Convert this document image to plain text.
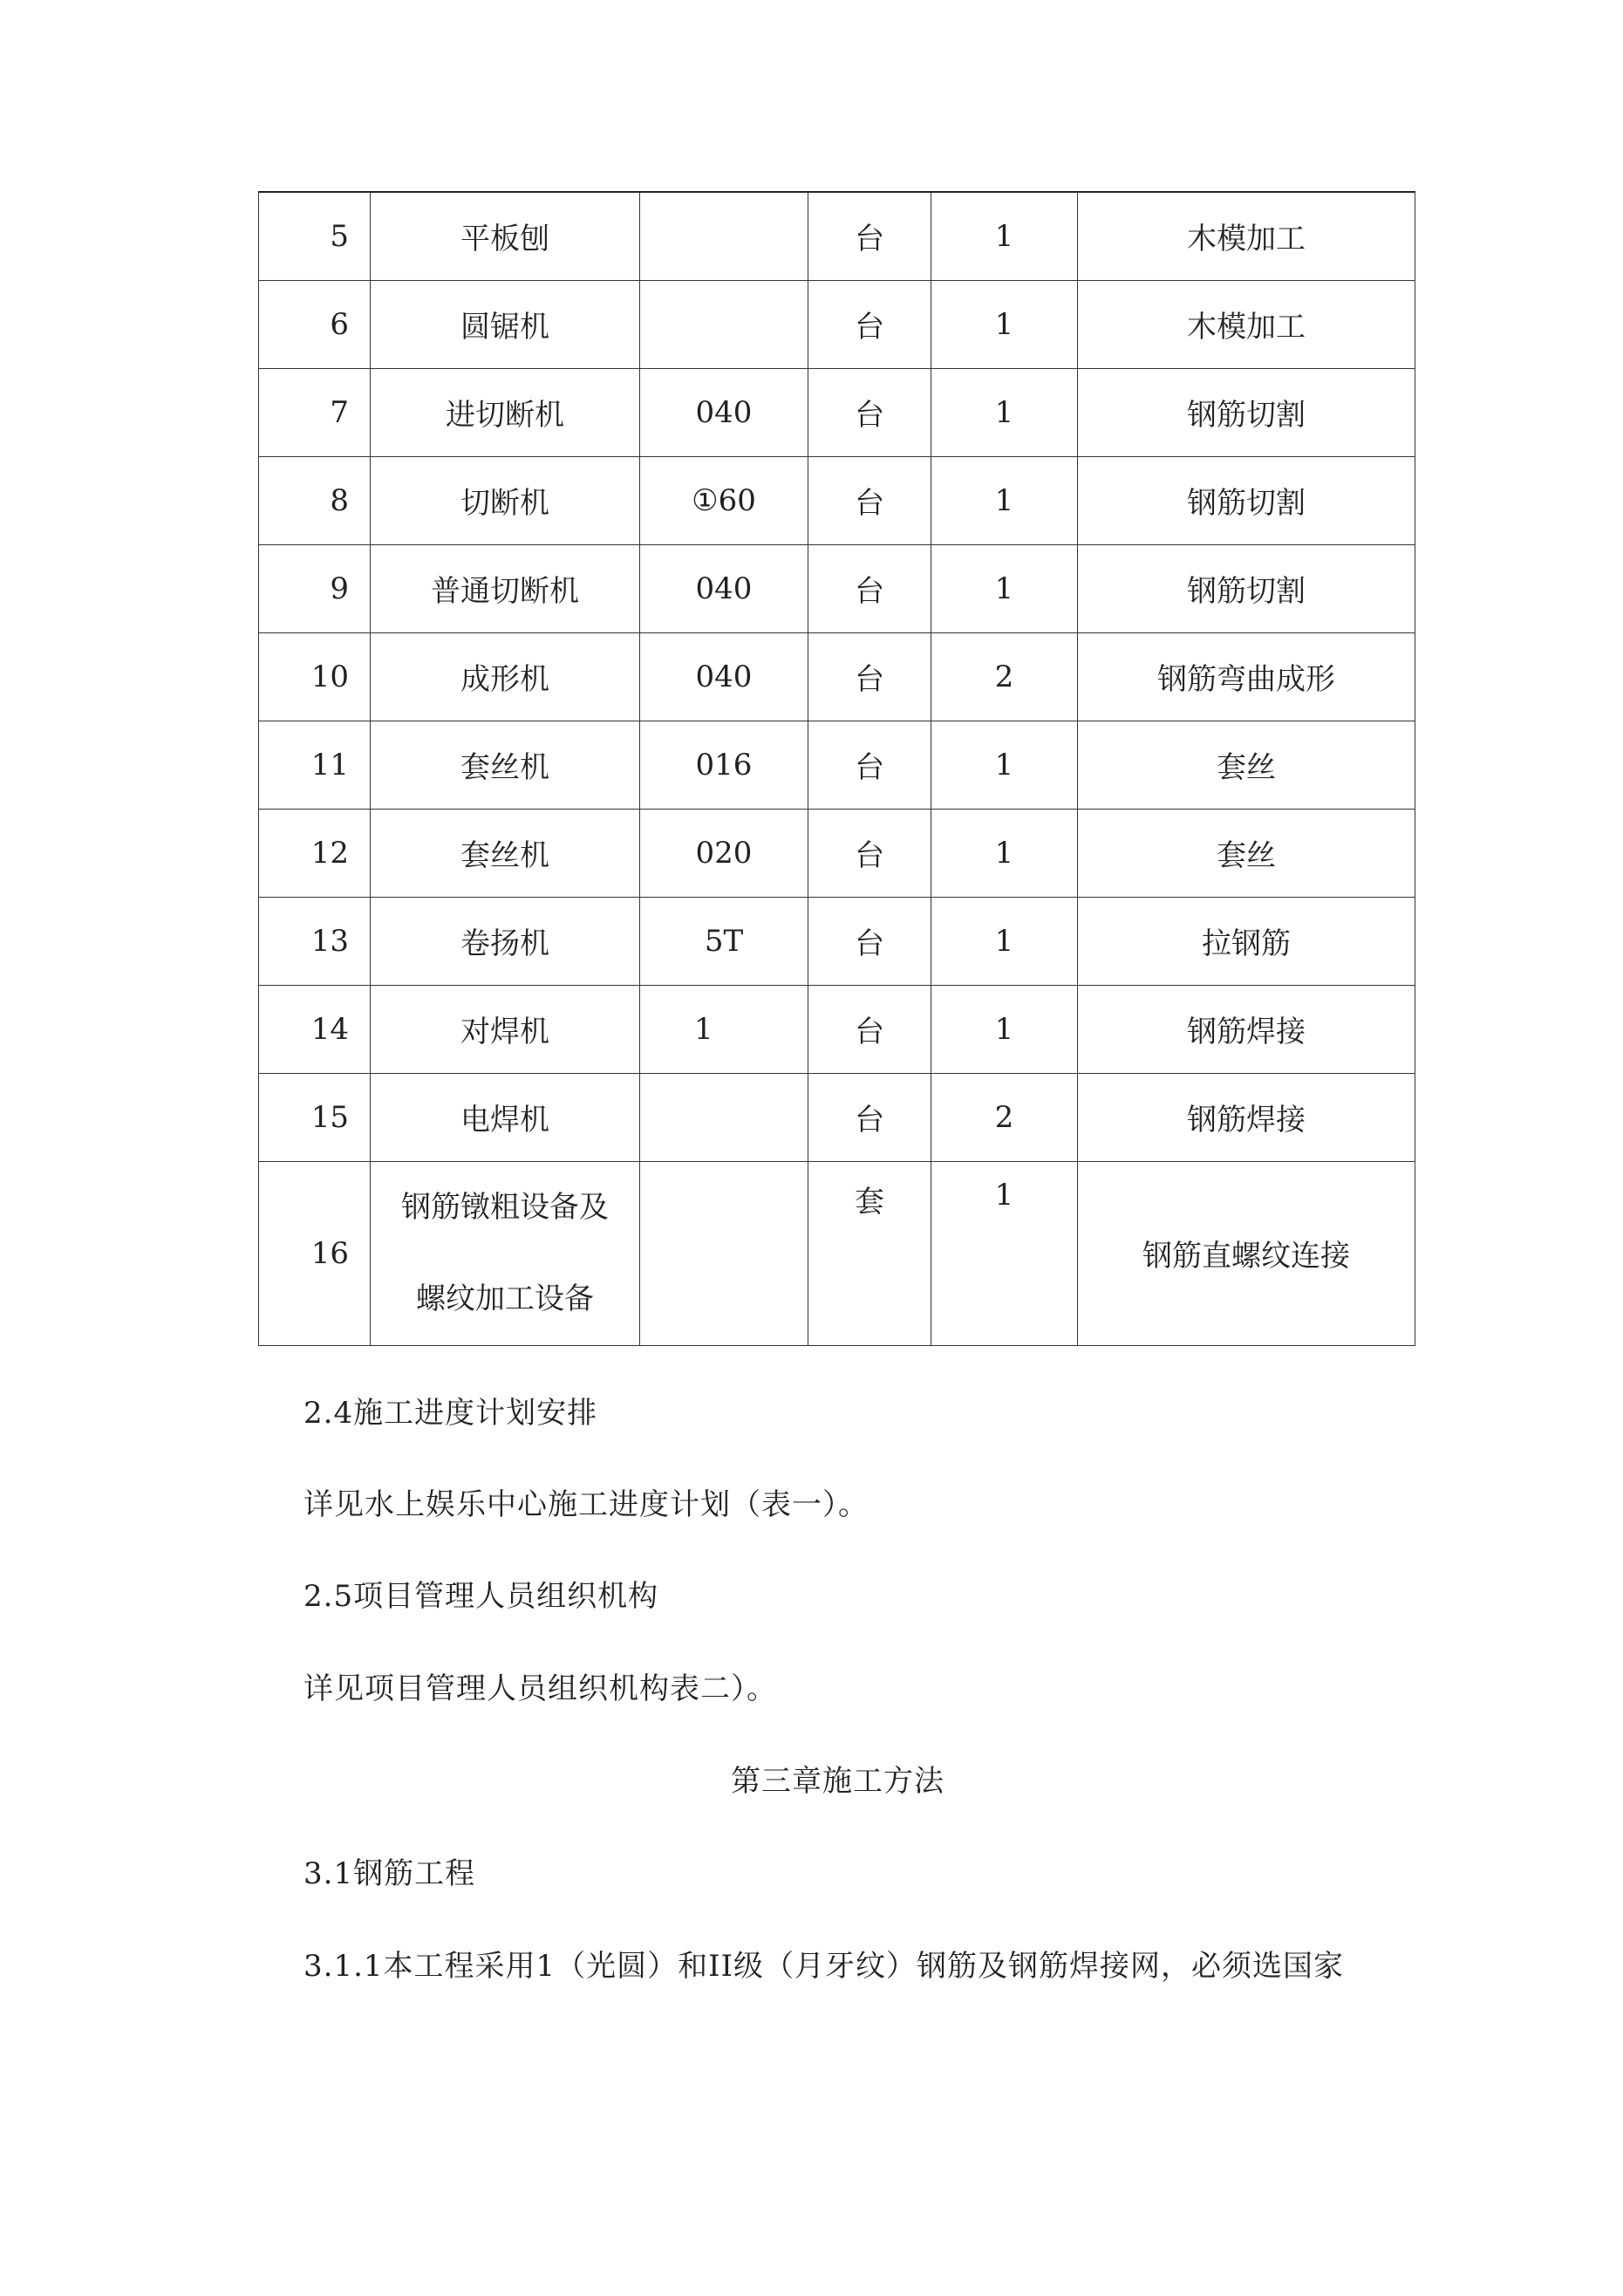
5	平板刨		台	1	木模加工
6	圆锯机		台	1	木模加工
7	进切断机	040	台	1	钢筋切割
8	切断机	①60	台	1	钢筋切割
9	普通切断机	040	台	1	钢筋切割
10	成形机	040	台	2	钢筋弯曲成形
11	套丝机	016	台	1	套丝
12	套丝机	020	台	1	套丝
13	卷扬机	5T	台	1	拉钢筋
14	对焊机	1	台	1	钢筋焊接
15	电焊机		台	2	钢筋焊接
16	钢筋镦粗设备及
螺纹加工设备		套	1	钢筋直螺纹连接
2.4施工进度计划安排
详见水上娱乐中心施工进度计划（表一）。
2.5项目管理人员组织机构
详见项目管理人员组织机构表二）。
第三章施工方法
3.1钢筋工程
3.1.1本工程采用1（光圆）和II级（月牙纹）钢筋及钢筋焊接网，必须选国家
